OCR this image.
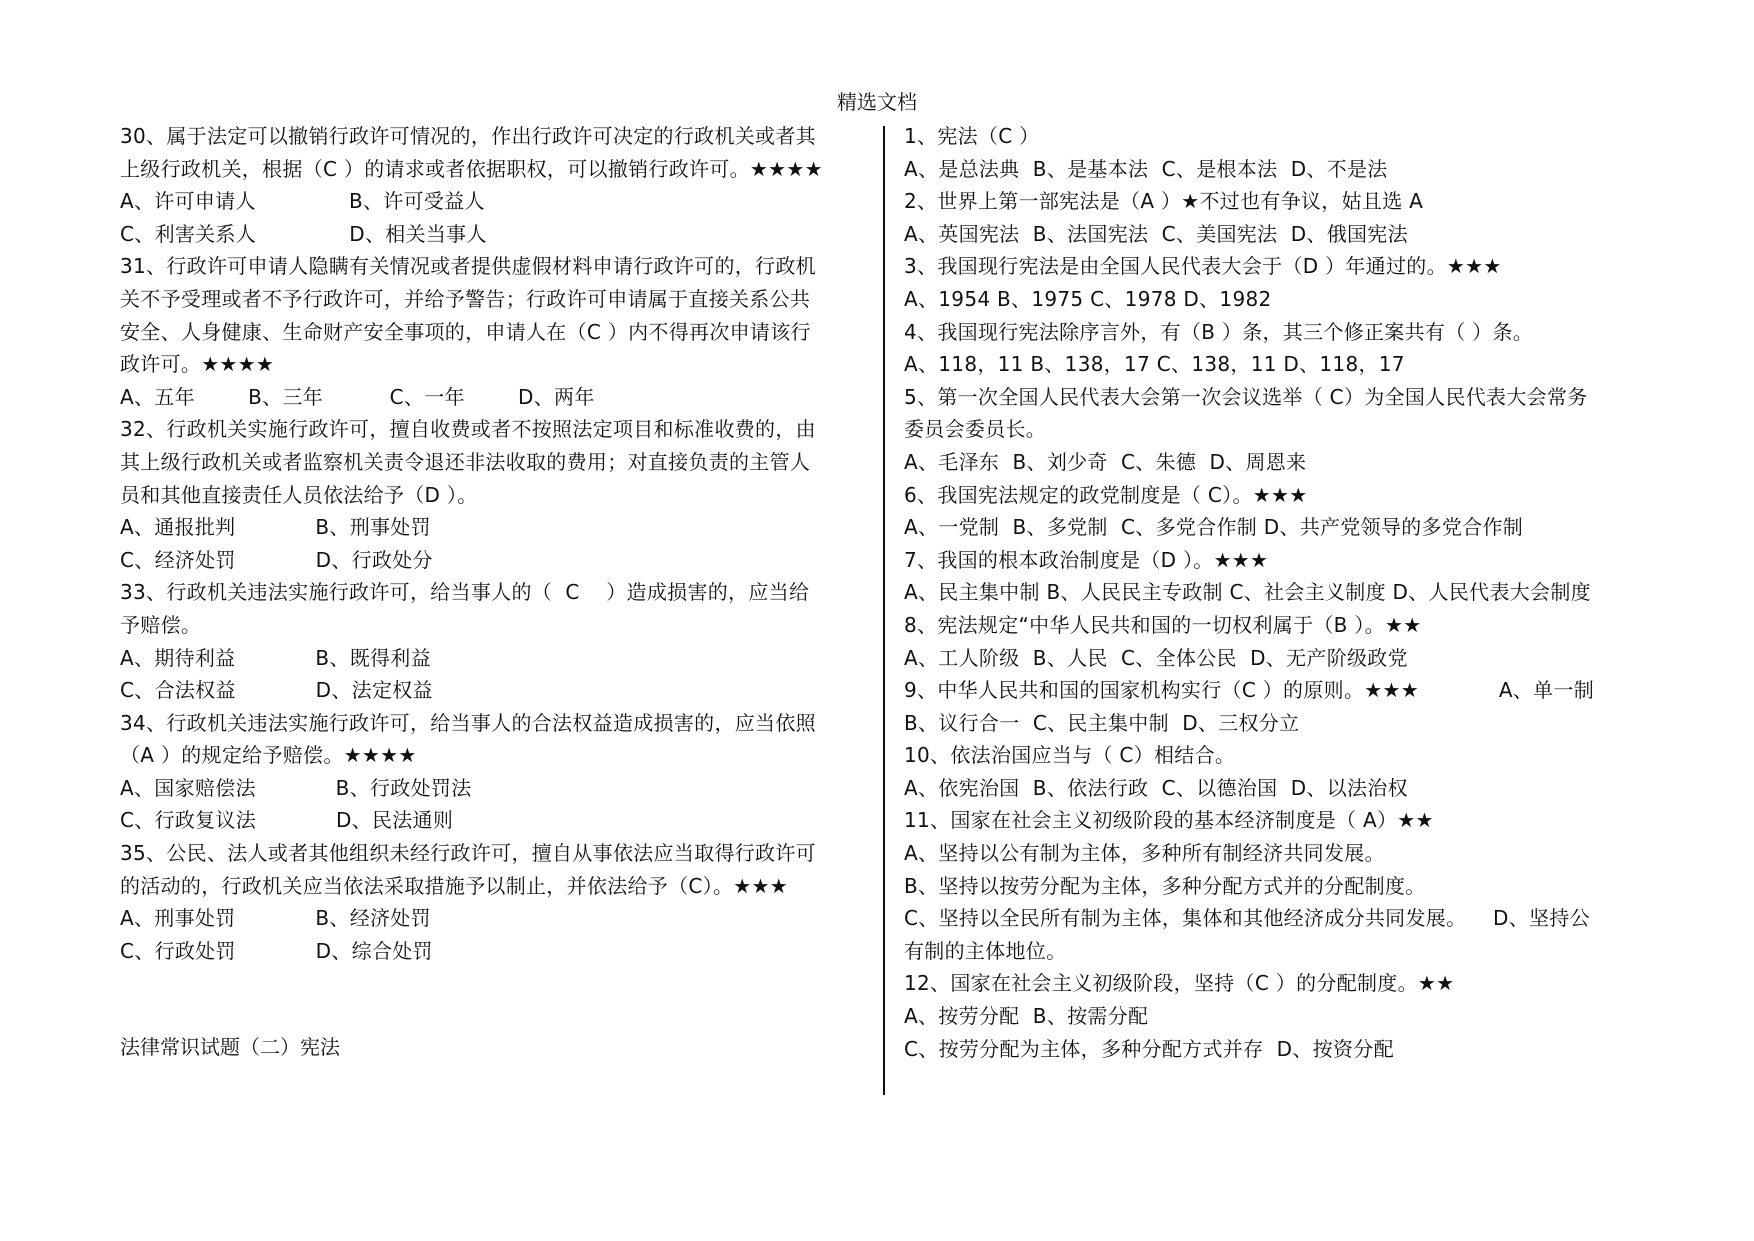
精选文档
30、属于法定可以撤销行政许可情况的，作出行政许可决定的行政机关或者其
上级行政机关，根据（C ）的请求或者依据职权，可以撤销行政许可。★★★★
A、许可申请人              B、许可受益人
C、利害关系人              D、相关当事人
31、行政许可申请人隐瞒有关情况或者提供虚假材料申请行政许可的，行政机
关不予受理或者不予行政许可，并给予警告；行政许可申请属于直接关系公共
安全、人身健康、生命财产安全事项的，申请人在（C ）内不得再次申请该行
政许可。★★★★
A、五年        B、三年          C、一年        D、两年
32、行政机关实施行政许可，擅自收费或者不按照法定项目和标准收费的，由
其上级行政机关或者监察机关责令退还非法收取的费用；对直接负责的主管人
员和其他直接责任人员依法给予（D ）。
A、通报批判            B、刑事处罚
C、经济处罚            D、行政处分
33、行政机关违法实施行政许可，给当事人的（  C    ）造成损害的，应当给
予赔偿。
A、期待利益            B、既得利益
C、合法权益            D、法定权益
34、行政机关违法实施行政许可，给当事人的合法权益造成损害的，应当依照
（A ）的规定给予赔偿。★★★★
A、国家赔偿法            B、行政处罚法
C、行政复议法            D、民法通则
35、公民、法人或者其他组织未经行政许可，擅自从事依法应当取得行政许可
的活动的，行政机关应当依法采取措施予以制止，并依法给予（C）。★★★
A、刑事处罚            B、经济处罚
C、行政处罚            D、综合处罚
法律常识试题（二）宪法
1、宪法（C ）
A、是总法典  B、是基本法  C、是根本法  D、不是法
2、世界上第一部宪法是（A ）★不过也有争议，姑且选 A
A、英国宪法  B、法国宪法  C、美国宪法  D、俄国宪法
3、我国现行宪法是由全国人民代表大会于（D ）年通过的。★★★
A、1954 B、1975 C、1978 D、1982
4、我国现行宪法除序言外，有（B ）条，其三个修正案共有（ ）条。
A、118，11 B、138，17 C、138，11 D、118，17
5、第一次全国人民代表大会第一次会议选举（ C）为全国人民代表大会常务
委员会委员长。
A、毛泽东  B、刘少奇  C、朱德  D、周恩来
6、我国宪法规定的政党制度是（ C）。★★★
A、一党制  B、多党制  C、多党合作制 D、共产党领导的多党合作制
7、我国的根本政治制度是（D ）。★★★
A、民主集中制 B、人民民主专政制 C、社会主义制度 D、人民代表大会制度
8、宪法规定“中华人民共和国的一切权利属于（B ）。★★
A、工人阶级  B、人民  C、全体公民  D、无产阶级政党
9、中华人民共和国的国家机构实行（C ）的原则。★★★            A、单一制
B、议行合一  C、民主集中制  D、三权分立
10、依法治国应当与（ C）相结合。
A、依宪治国  B、依法行政  C、以德治国  D、以法治权
11、国家在社会主义初级阶段的基本经济制度是（ A）★★
A、坚持以公有制为主体，多种所有制经济共同发展。
B、坚持以按劳分配为主体，多种分配方式并的分配制度。
C、坚持以全民所有制为主体，集体和其他经济成分共同发展。    D、坚持公
有制的主体地位。
12、国家在社会主义初级阶段，坚持（C ）的分配制度。★★
A、按劳分配  B、按需分配
C、按劳分配为主体，多种分配方式并存  D、按资分配
